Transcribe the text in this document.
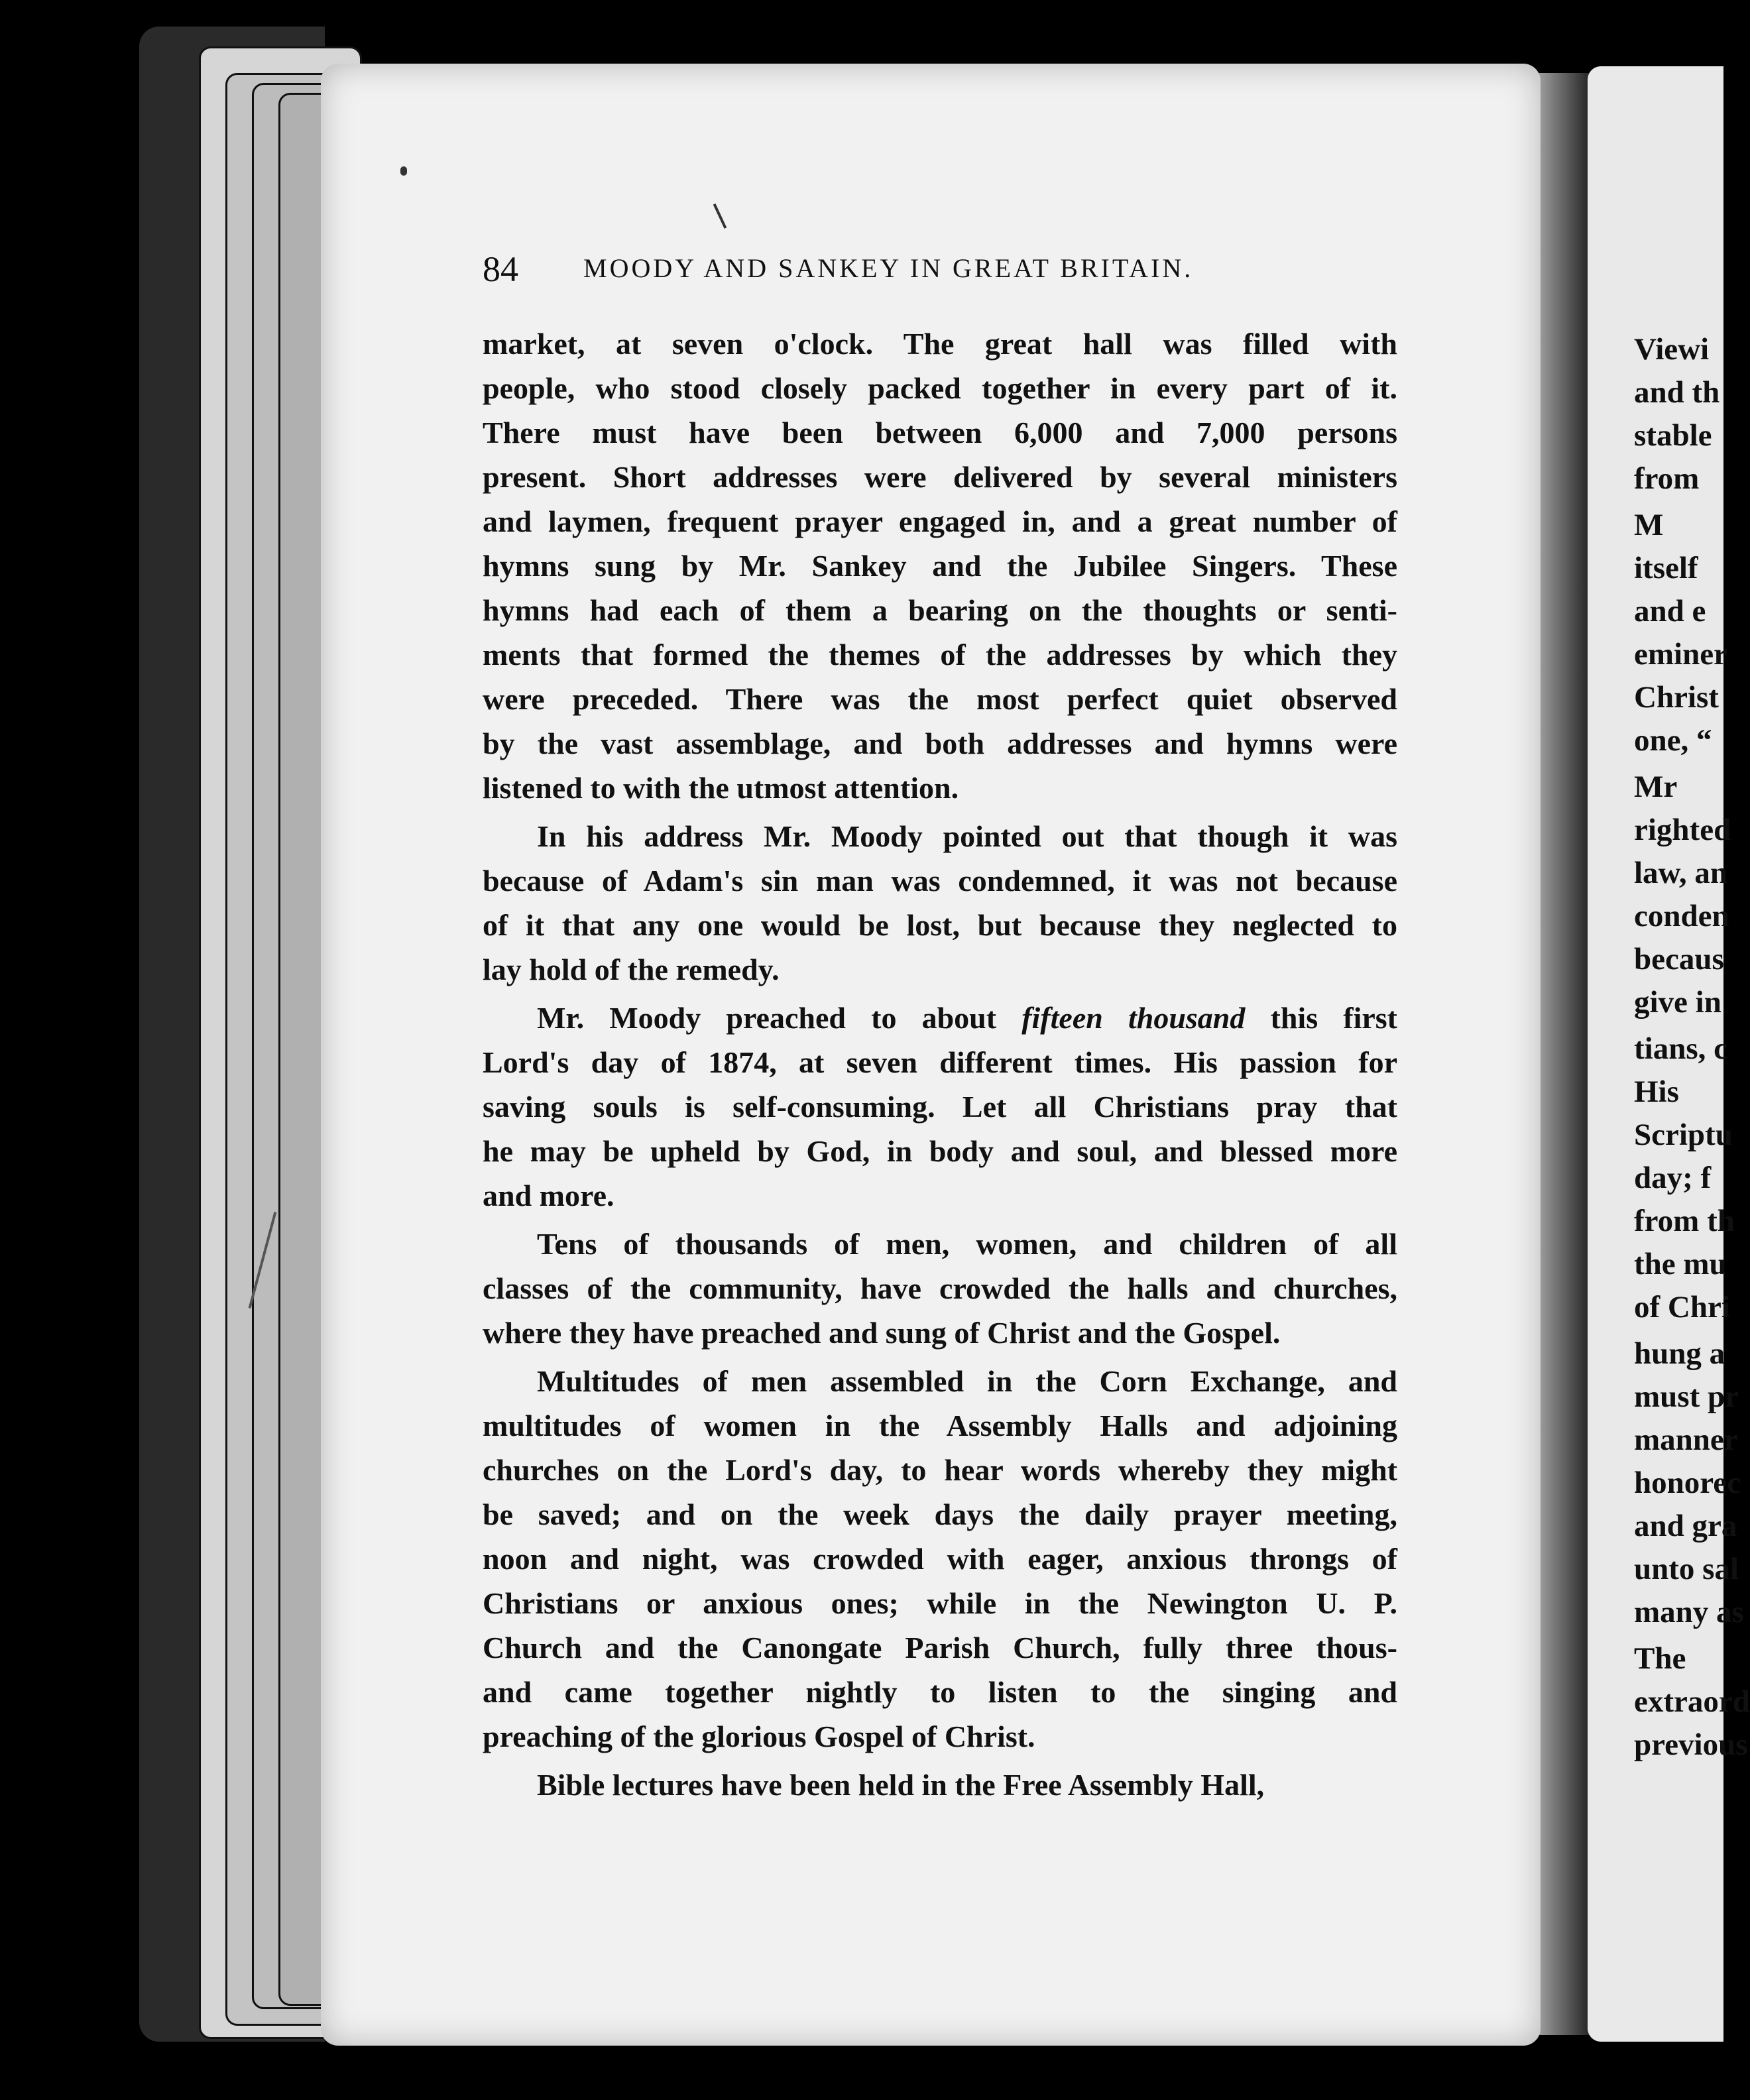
Viewi
and th
stable
from
M
itself
and e
eminer
Christ
one, “
Mr
righted
law, an
conden
becaus
give in
tians, c
His
Scriptu
day; f
from th
the mu
of Chri
hung a
must pr
manner
honorec
and gra
unto sal
many as
The
extraord
previous
84 MOODY AND SANKEY IN GREAT BRITAIN.
market, at seven o'clock. The great hall was filled with
people, who stood closely packed together in every part of it.
There must have been between 6,000 and 7,000 persons
present. Short addresses were delivered by several ministers
and laymen, frequent prayer engaged in, and a great number of
hymns sung by Mr. Sankey and the Jubilee Singers. These
hymns had each of them a bearing on the thoughts or senti-
ments that formed the themes of the addresses by which they
were preceded. There was the most perfect quiet observed
by the vast assemblage, and both addresses and hymns were
listened to with the utmost attention.
In his address Mr. Moody pointed out that though it was
because of Adam's sin man was condemned, it was not because
of it that any one would be lost, but because they neglected to
lay hold of the remedy.
Mr. Moody preached to about fifteen thousand this first
Lord's day of 1874, at seven different times. His passion for
saving souls is self-consuming. Let all Christians pray that
he may be upheld by God, in body and soul, and blessed more
and more.
Tens of thousands of men, women, and children of all
classes of the community, have crowded the halls and churches,
where they have preached and sung of Christ and the Gospel.
Multitudes of men assembled in the Corn Exchange, and
multitudes of women in the Assembly Halls and adjoining
churches on the Lord's day, to hear words whereby they might
be saved; and on the week days the daily prayer meeting,
noon and night, was crowded with eager, anxious throngs of
Christians or anxious ones; while in the Newington U. P.
Church and the Canongate Parish Church, fully three thous-
and came together nightly to listen to the singing and
preaching of the glorious Gospel of Christ.
Bible lectures have been held in the Free Assembly Hall,
